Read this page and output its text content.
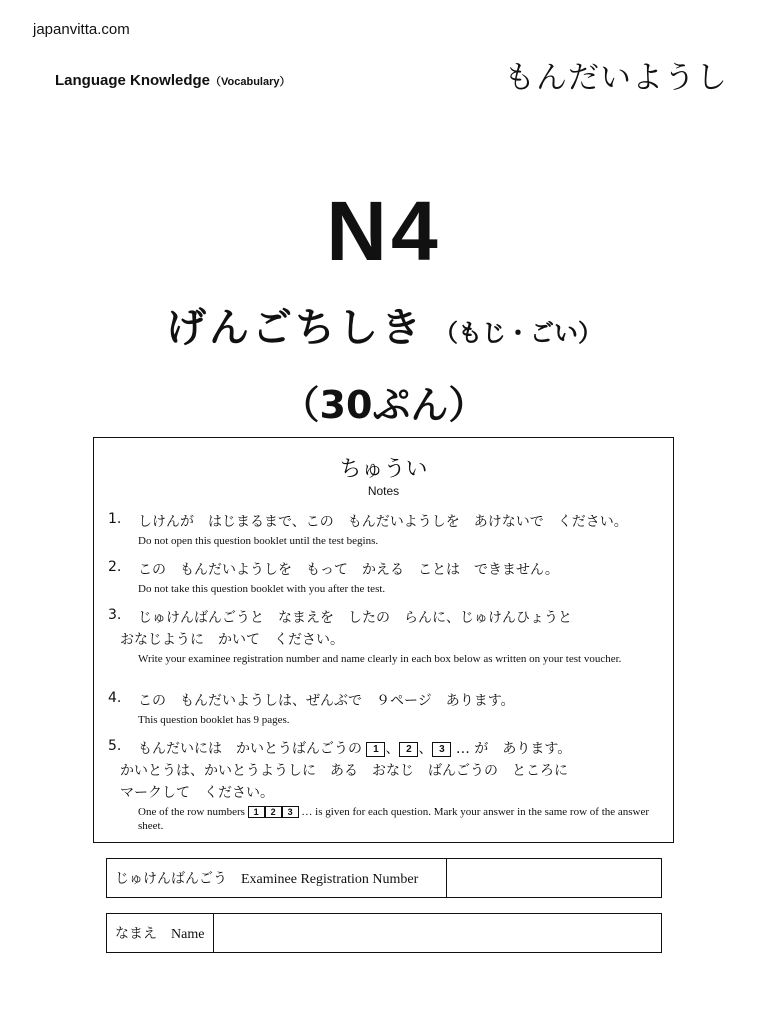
japanvitta.com
Language Knowledge（Vocabulary）	もんだいようし
N4
げんごちしき （もじ・ごい）
（30ぷん）
ちゅうい
Notes
1. しけんが　はじまるまで、この　もんだいようしを　あけないで　ください。
Do not open this question booklet until the test begins.
2. この　もんだいようしを　もって　かえる　ことは　できません。
Do not take this question booklet with you after the test.
3. じゅけんばんごうと　なまえを　したの　らんに、じゅけんひょうと
おなじように　かいて　ください。
Write your examinee registration number and name clearly in each box below as written on your test voucher.
4. この　もんだいようしは、ぜんぶで　９ページ　あります。
This question booklet has 9 pages.
5. もんだいには　かいとうばんごうの 1 、 2 、 3 … が　あります。
かいとうは、かいとうようしに　ある　おなじ　ばんごうの　ところに
マークして　ください。
One of the row numbers 1 2 3 … is given for each question. Mark your answer in the same row of the answer sheet.
じゅけんばんごう　Examinee Registration Number
なまえ　Name
